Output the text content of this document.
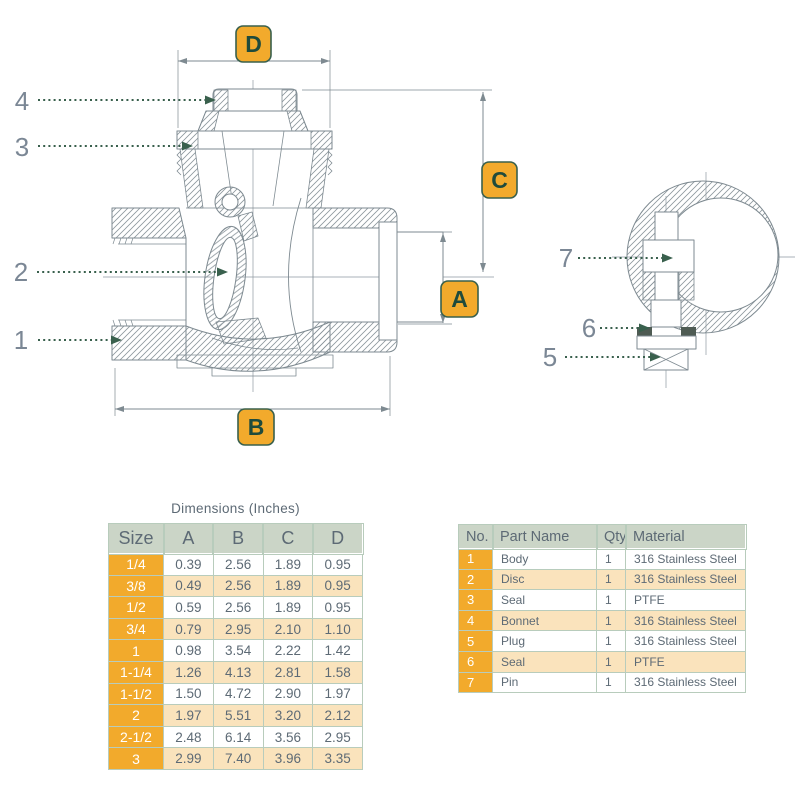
D
C
A
B
4
3
2
1
7
6
5
Dimensions (Inches)
Size	A	B	C	D
1/4	0.39	2.56	1.89	0.95
3/8	0.49	2.56	1.89	0.95
1/2	0.59	2.56	1.89	0.95
3/4	0.79	2.95	2.10	1.10
1	0.98	3.54	2.22	1.42
1-1/4	1.26	4.13	2.81	1.58
1-1/2	1.50	4.72	2.90	1.97
2	1.97	5.51	3.20	2.12
2-1/2	2.48	6.14	3.56	2.95
3	2.99	7.40	3.96	3.35
No.	Part Name	Qty	Material
1	Body	1	316 Stainless Steel
2	Disc	1	316 Stainless Steel
3	Seal	1	PTFE
4	Bonnet	1	316 Stainless Steel
5	Plug	1	316 Stainless Steel
6	Seal	1	PTFE
7	Pin	1	316 Stainless Steel
